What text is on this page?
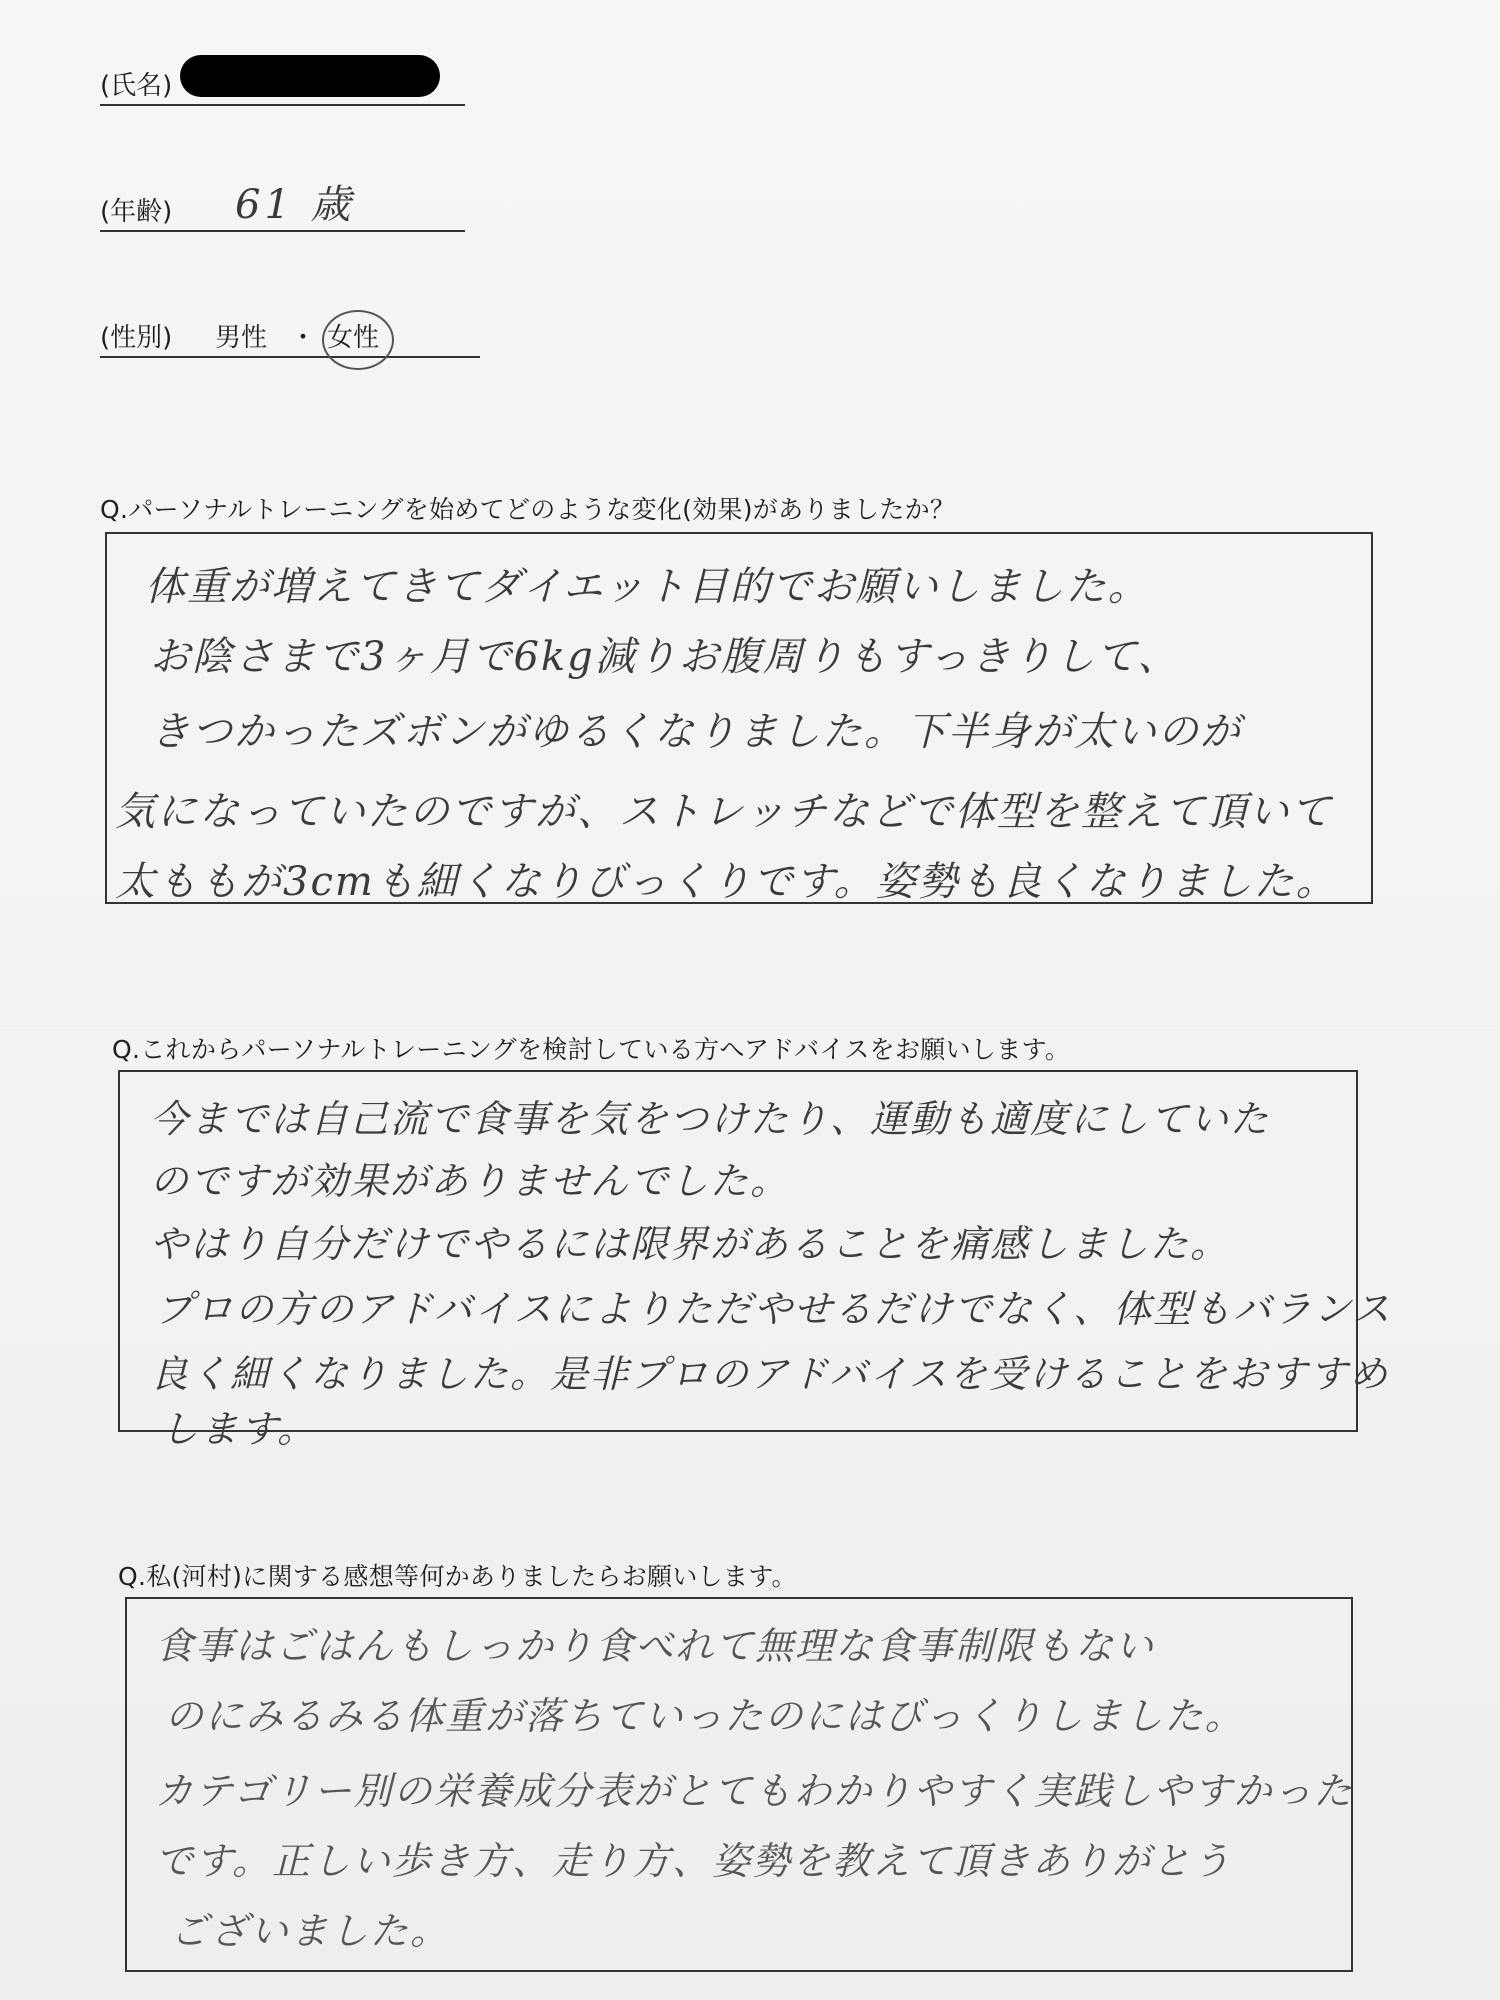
(氏名)
(年齢) 61 歳
(性別) 男性 ・ 女性
Q.パーソナルトレーニングを始めてどのような変化(効果)がありましたか？
体重が増えてきてダイエット目的でお願いしました。
お陰さまで3ヶ月で6kg減りお腹周りもすっきりして、
きつかったズボンがゆるくなりました。下半身が太いのが
気になっていたのですが、ストレッチなどで体型を整えて頂いて
太ももが3cmも細くなりびっくりです。姿勢も良くなりました。
Q.これからパーソナルトレーニングを検討している方へアドバイスをお願いします。
今までは自己流で食事を気をつけたり、運動も適度にしていた
のですが効果がありませんでした。
やはり自分だけでやるには限界があることを痛感しました。
プロの方のアドバイスによりただやせるだけでなく、体型もバランス
良く細くなりました。是非プロのアドバイスを受けることをおすすめ
します。
Q.私(河村)に関する感想等何かありましたらお願いします。
食事はごはんもしっかり食べれて無理な食事制限もない
のにみるみる体重が落ちていったのにはびっくりしました。
カテゴリー別の栄養成分表がとてもわかりやすく実践しやすかった
です。正しい歩き方、走り方、姿勢を教えて頂きありがとう
ございました。
